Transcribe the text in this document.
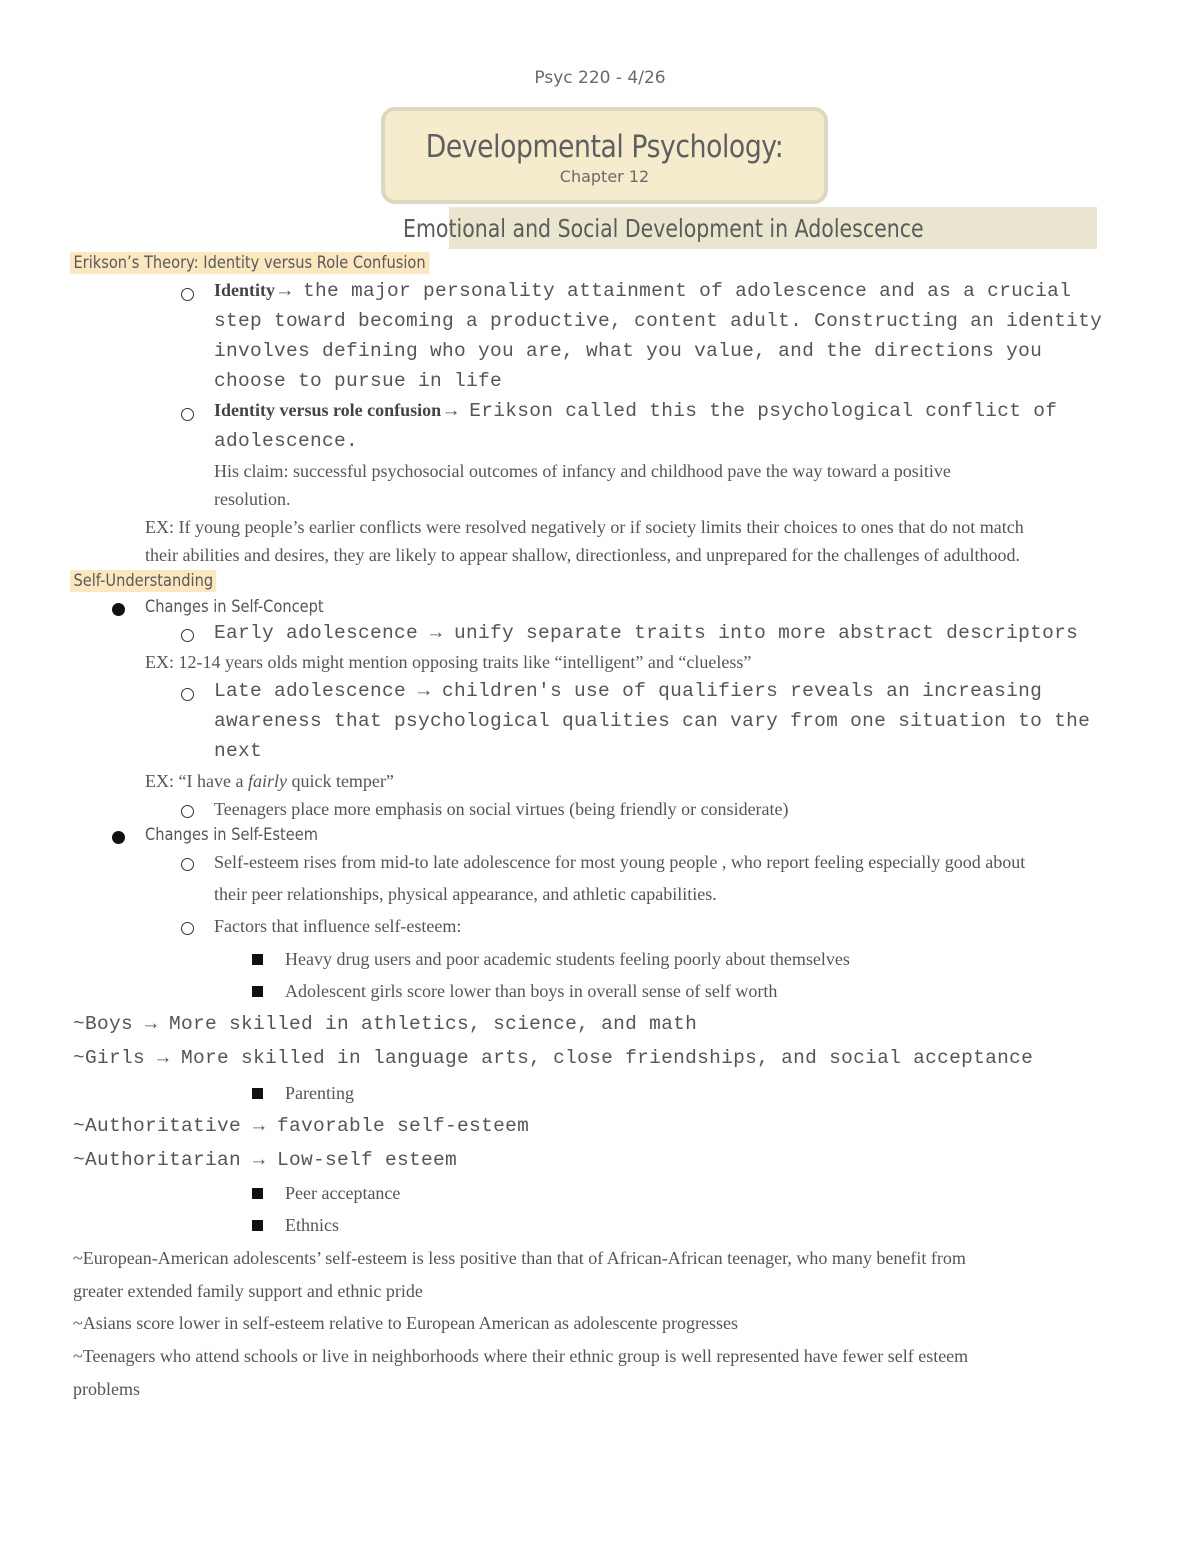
Psyc 220 - 4/26
Developmental Psychology:
Chapter 12
Emotional and Social Development in Adolescence
Erikson’s Theory: Identity versus Role Confusion
Identity → the major personality attainment of adolescence and as a crucial
step toward becoming a productive, content adult. Constructing an identity
involves defining who you are, what you value, and the directions you
choose to pursue in life
Identity versus role confusion → Erikson called this the psychological conflict of
adolescence.
His claim: successful psychosocial outcomes of infancy and childhood pave the way toward a positive
resolution.
EX: If young people’s earlier conflicts were resolved negatively or if society limits their choices to ones that do not match
their abilities and desires, they are likely to appear shallow, directionless, and unprepared for the challenges of adulthood.
Self-Understanding
Changes in Self-Concept
Early adolescence → unify separate traits into more abstract descriptors
EX: 12-14 years olds might mention opposing traits like “intelligent” and “clueless”
Late adolescence → children's use of qualifiers reveals an increasing
awareness that psychological qualities can vary from one situation to the
next
EX: “I have a fairly quick temper”
Teenagers place more emphasis on social virtues (being friendly or considerate)
Changes in Self-Esteem
Self-esteem rises from mid-to late adolescence for most young people , who report feeling especially good about
their peer relationships, physical appearance, and athletic capabilities.
Factors that influence self-esteem:
Heavy drug users and poor academic students feeling poorly about themselves
Adolescent girls score lower than boys in overall sense of self worth
~Boys → More skilled in athletics, science, and math
~Girls → More skilled in language arts, close friendships, and social acceptance
Parenting
~Authoritative → favorable self-esteem
~Authoritarian → Low-self esteem
Peer acceptance
Ethnics
~European-American adolescents’ self-esteem is less positive than that of African-African teenager, who many benefit from
greater extended family support and ethnic pride
~Asians score lower in self-esteem relative to European American as adolescente progresses
~Teenagers who attend schools or live in neighborhoods where their ethnic group is well represented have fewer self esteem
problems
